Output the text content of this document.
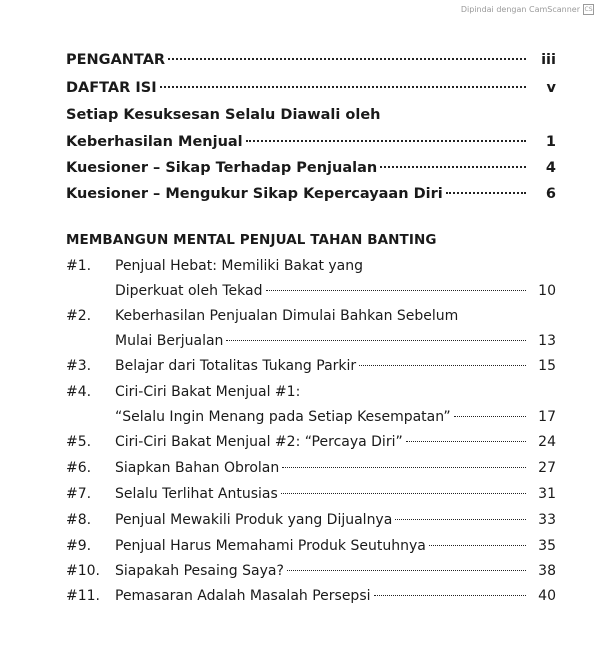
Dipindai dengan CamScanner CS
PENGANTAR	iii
DAFTAR ISI	v
Setiap Kesuksesan Selalu Diawali oleh
Keberhasilan Menjual	1
Kuesioner – Sikap Terhadap Penjualan	4
Kuesioner – Mengukur Sikap Kepercayaan Diri	6
MEMBANGUN MENTAL PENJUAL TAHAN BANTING
#1.	Penjual Hebat: Memiliki Bakat yang
Diperkuat oleh Tekad	10
#2.	Keberhasilan Penjualan Dimulai Bahkan Sebelum
Mulai Berjualan	13
#3.	Belajar dari Totalitas Tukang Parkir	15
#4.	Ciri-Ciri Bakat Menjual #1:
“Selalu Ingin Menang pada Setiap Kesempatan”	17
#5.	Ciri-Ciri Bakat Menjual #2: “Percaya Diri”	24
#6.	Siapkan Bahan Obrolan	27
#7.	Selalu Terlihat Antusias	31
#8.	Penjual Mewakili Produk yang Dijualnya	33
#9.	Penjual Harus Memahami Produk Seutuhnya	35
#10.	Siapakah Pesaing Saya?	38
#11.	Pemasaran Adalah Masalah Persepsi	40
